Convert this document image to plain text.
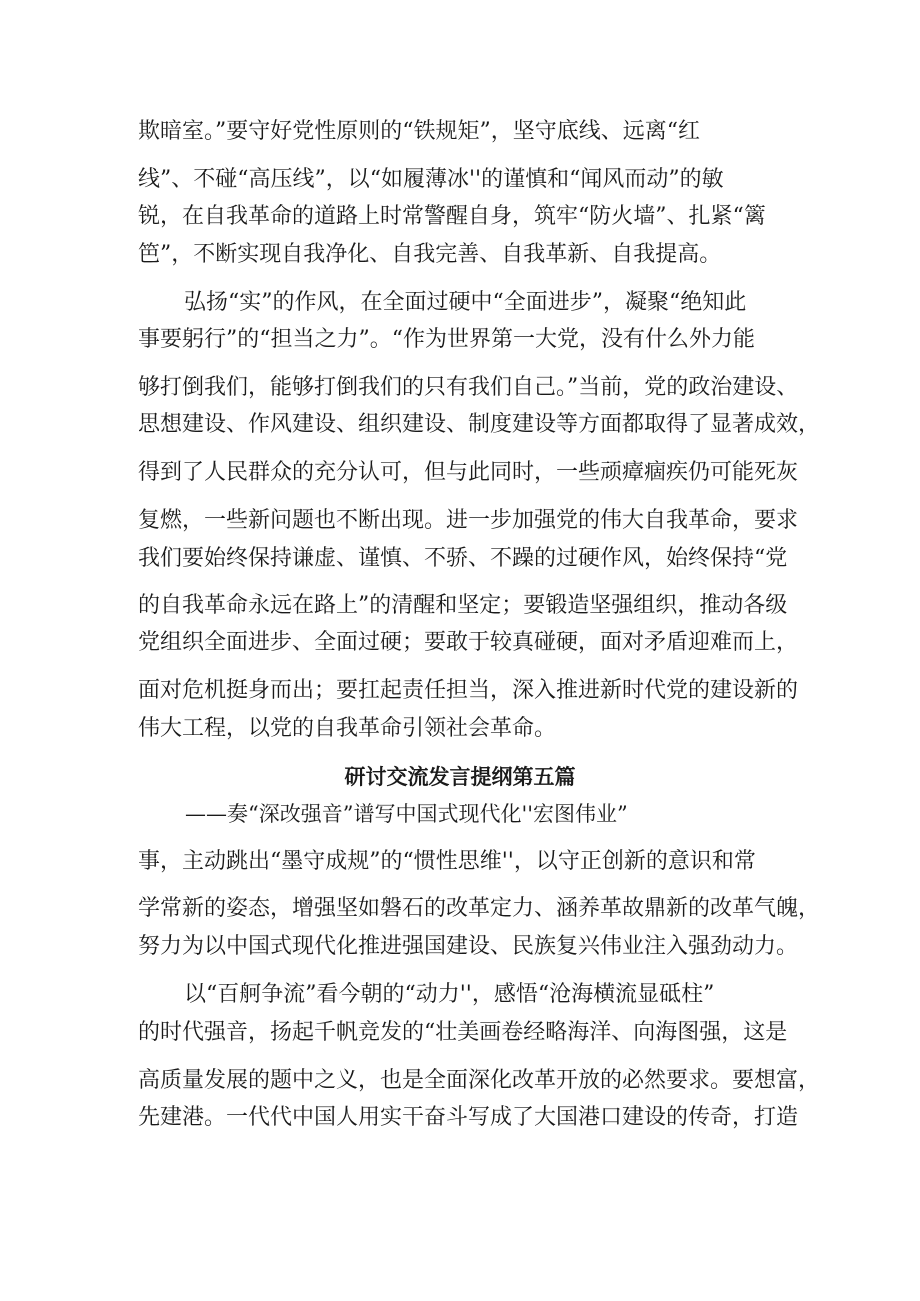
欺暗室。”要守好党性原则的“铁规矩”，坚守底线、远离“红
线”、不碰“高压线”，以“如履薄冰''的谨慎和“闻风而动”的敏
锐，在自我革命的道路上时常警醒自身，筑牢“防火墙”、扎紧“篱
笆”，不断实现自我净化、自我完善、自我革新、自我提高。
弘扬“实”的作风，在全面过硬中“全面进步”，凝聚“绝知此
事要躬行”的“担当之力”。“作为世界第一大党，没有什么外力能
够打倒我们，能够打倒我们的只有我们自己。”当前，党的政治建设、
思想建设、作风建设、组织建设、制度建设等方面都取得了显著成效，
得到了人民群众的充分认可，但与此同时，一些顽瘴痼疾仍可能死灰
复燃，一些新问题也不断出现。进一步加强党的伟大自我革命，要求
我们要始终保持谦虚、谨慎、不骄、不躁的过硬作风，始终保持“党
的自我革命永远在路上”的清醒和坚定；要锻造坚强组织，推动各级
党组织全面进步、全面过硬；要敢于较真碰硬，面对矛盾迎难而上，
面对危机挺身而出；要扛起责任担当，深入推进新时代党的建设新的
伟大工程，以党的自我革命引领社会革命。
研讨交流发言提纲第五篇
——奏“深改强音”谱写中国式现代化''宏图伟业”
事，主动跳出“墨守成规”的“惯性思维''，以守正创新的意识和常
学常新的姿态，增强坚如磐石的改革定力、涵养革故鼎新的改革气魄，
努力为以中国式现代化推进强国建设、民族复兴伟业注入强劲动力。
以“百舸争流”看今朝的“动力''，感悟“沧海横流显砥柱”
的时代强音，扬起千帆竞发的“壮美画卷经略海洋、向海图强，这是
高质量发展的题中之义，也是全面深化改革开放的必然要求。要想富，
先建港。一代代中国人用实干奋斗写成了大国港口建设的传奇，打造
